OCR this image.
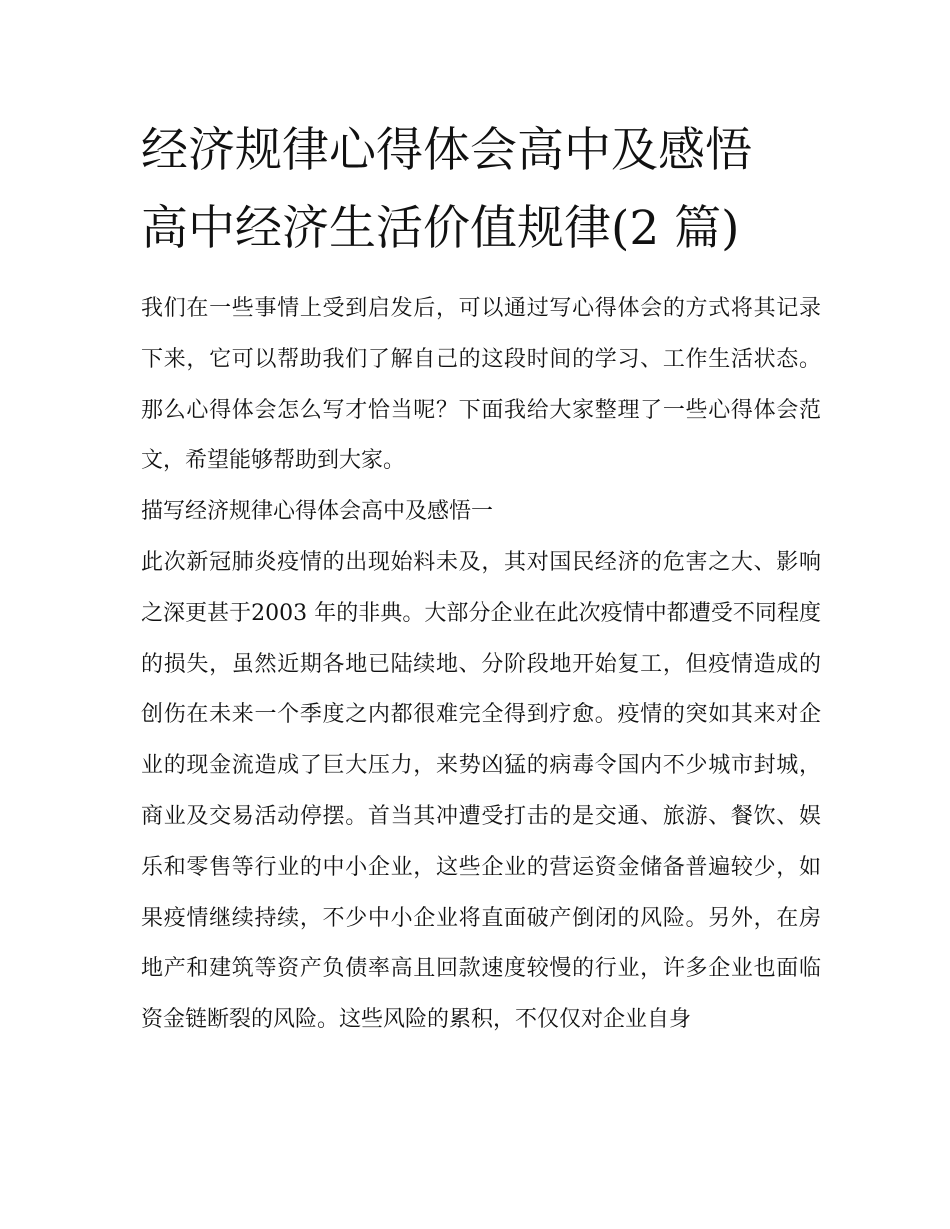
经济规律心得体会高中及感悟
高中经济生活价值规律(2 篇)

我们在一些事情上受到启发后，可以通过写心得体会的方式将其记录下来，它可以帮助我们了解自己的这段时间的学习、工作生活状态。那么心得体会怎么写才恰当呢？下面我给大家整理了一些心得体会范文，希望能够帮助到大家。

描写经济规律心得体会高中及感悟一

此次新冠肺炎疫情的出现始料未及，其对国民经济的危害之大、影响之深更甚于2003 年的非典。大部分企业在此次疫情中都遭受不同程度的损失，虽然近期各地已陆续地、分阶段地开始复工，但疫情造成的创伤在未来一个季度之内都很难完全得到疗愈。疫情的突如其来对企业的现金流造成了巨大压力，来势凶猛的病毒令国内不少城市封城，商业及交易活动停摆。首当其冲遭受打击的是交通、旅游、餐饮、娱乐和零售等行业的中小企业，这些企业的营运资金储备普遍较少，如果疫情继续持续，不少中小企业将直面破产倒闭的风险。另外，在房地产和建筑等资产负债率高且回款速度较慢的行业，许多企业也面临资金链断裂的风险。这些风险的累积，不仅仅对企业自身
